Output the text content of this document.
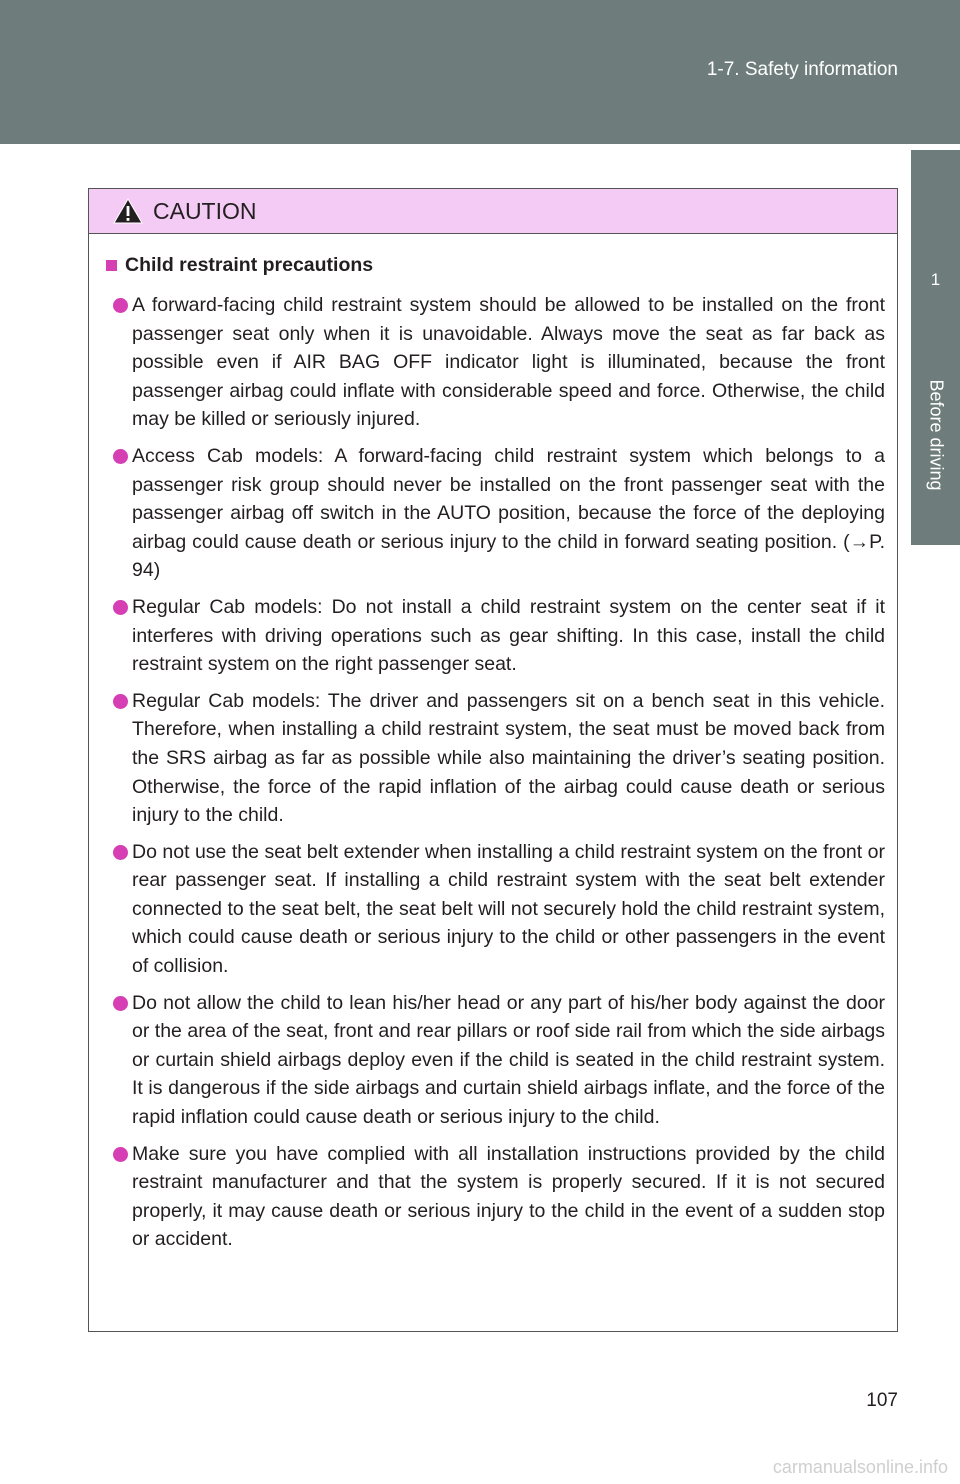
1-7. Safety information
1
Before driving
CAUTION
Child restraint precautions
A forward-facing child restraint system should be allowed to be installed on the front passenger seat only when it is unavoidable. Always move the seat as far back as possible even if AIR BAG OFF indicator light is illuminated, because the front passenger airbag could inflate with considerable speed and force. Otherwise, the child may be killed or seriously injured.
Access Cab models: A forward-facing child restraint system which belongs to a passenger risk group should never be installed on the front passenger seat with the passenger airbag off switch in the AUTO position, because the force of the deploying airbag could cause death or serious injury to the child in forward seating position. (→P. 94)
Regular Cab models: Do not install a child restraint system on the center seat if it interferes with driving operations such as gear shifting. In this case, install the child restraint system on the right passenger seat.
Regular Cab models: The driver and passengers sit on a bench seat in this vehicle. Therefore, when installing a child restraint system, the seat must be moved back from the SRS airbag as far as possible while also maintaining the driver’s seating position. Otherwise, the force of the rapid inflation of the airbag could cause death or serious injury to the child.
Do not use the seat belt extender when installing a child restraint system on the front or rear passenger seat. If installing a child restraint system with the seat belt extender connected to the seat belt, the seat belt will not securely hold the child restraint system, which could cause death or serious injury to the child or other passengers in the event of collision.
Do not allow the child to lean his/her head or any part of his/her body against the door or the area of the seat, front and rear pillars or roof side rail from which the side airbags or curtain shield airbags deploy even if the child is seated in the child restraint system. It is dangerous if the side airbags and curtain shield airbags inflate, and the force of the rapid inflation could cause death or serious injury to the child.
Make sure you have complied with all installation instructions provided by the child restraint manufacturer and that the system is properly secured. If it is not secured properly, it may cause death or serious injury to the child in the event of a sudden stop or accident.
107
carmanualsonline.info
